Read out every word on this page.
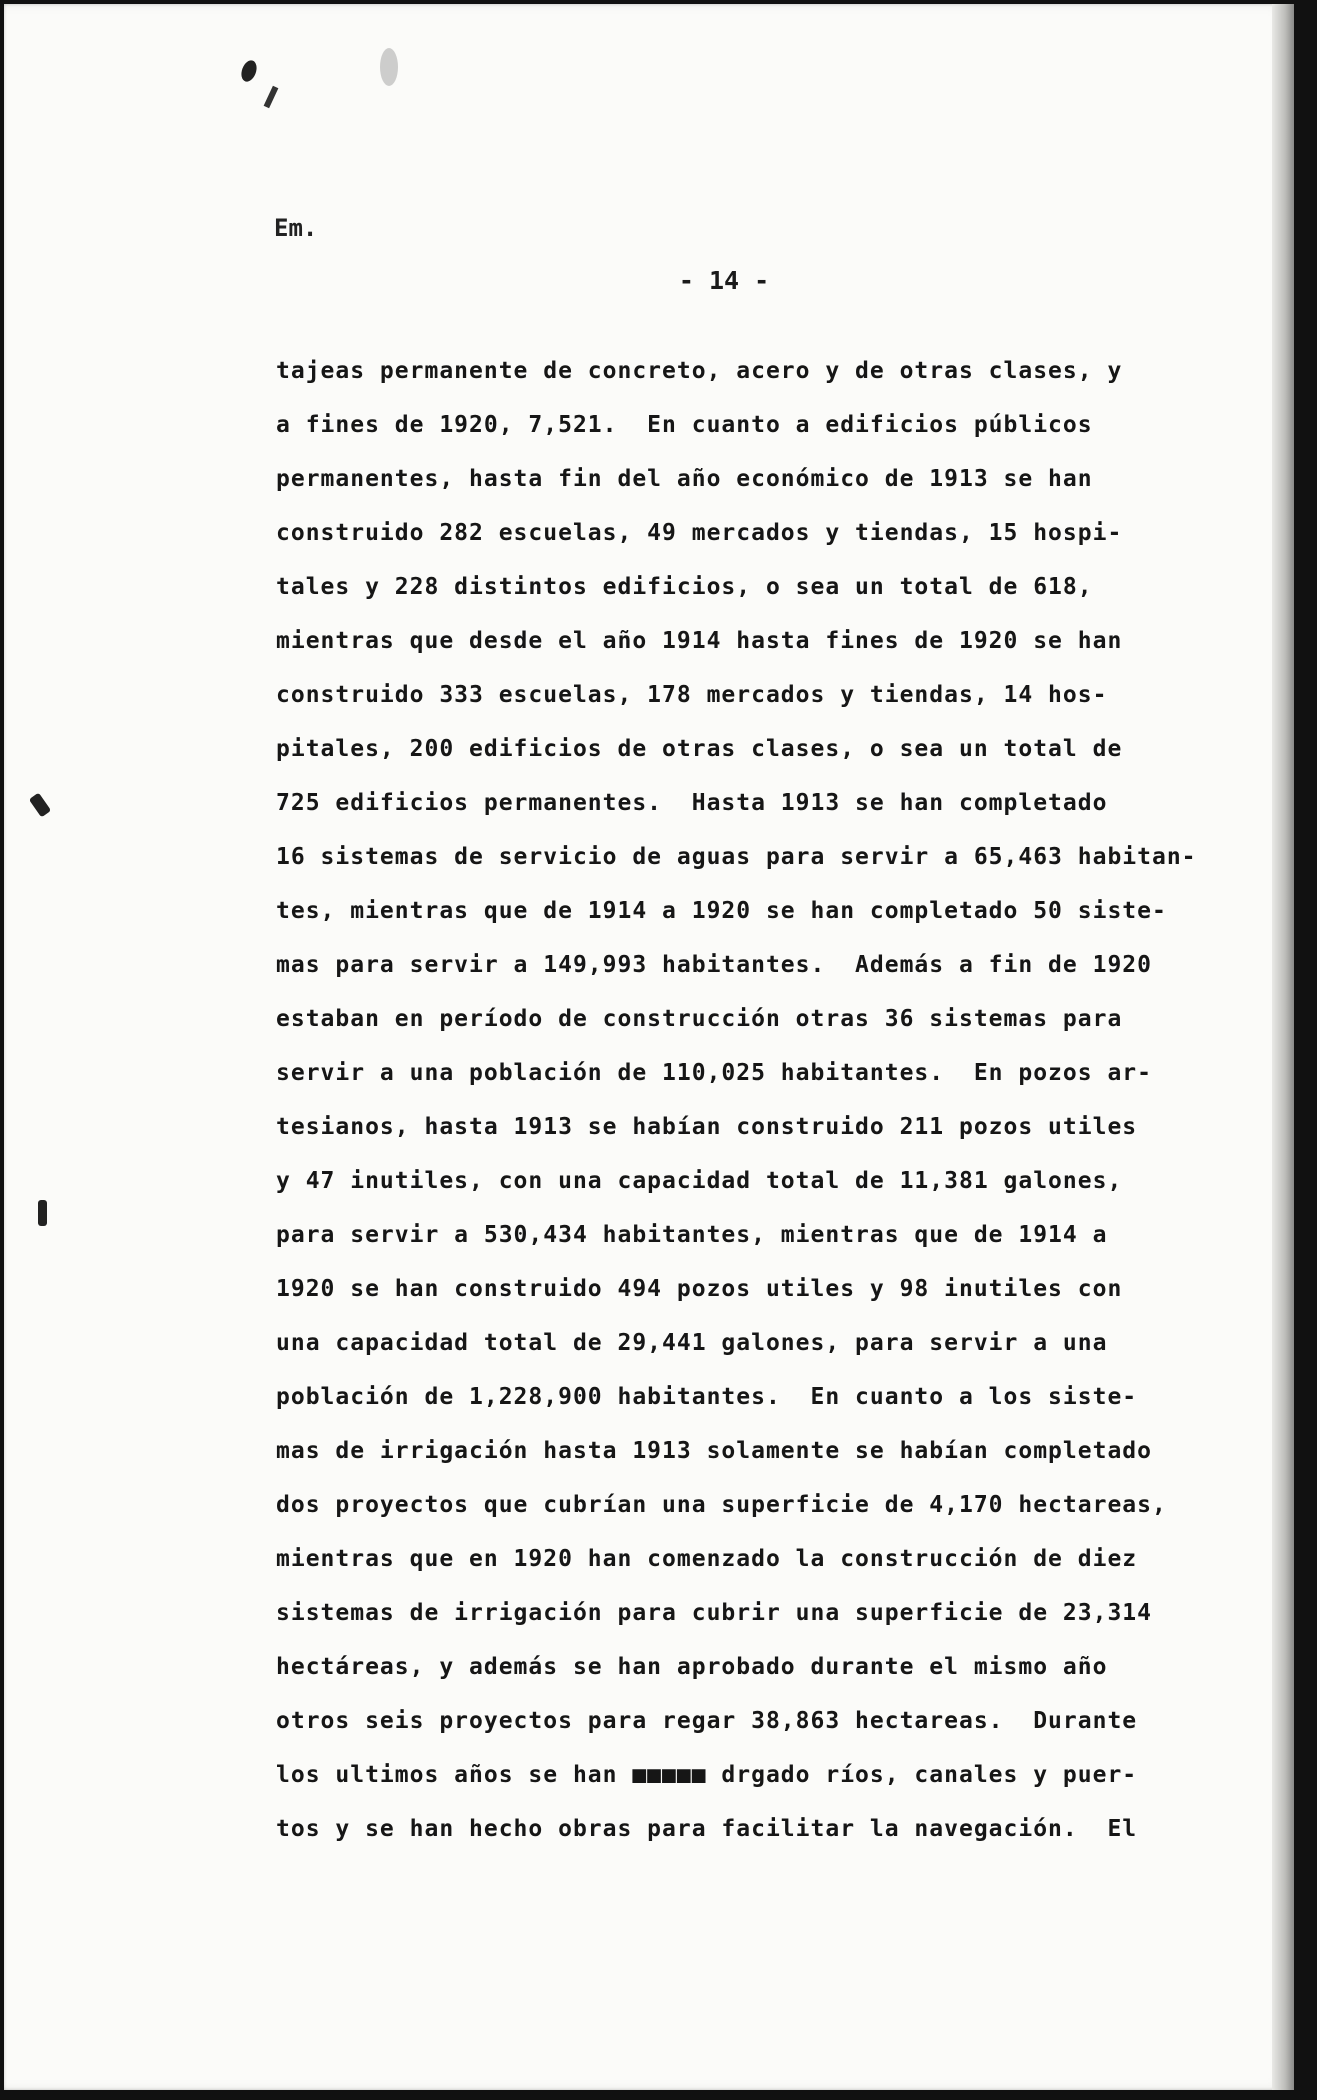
Em.
- 14 -
tajeas permanente de concreto, acero y de otras clases, y
a fines de 1920, 7,521.  En cuanto a edificios públicos
permanentes, hasta fin del año económico de 1913 se han
construido 282 escuelas, 49 mercados y tiendas, 15 hospi-
tales y 228 distintos edificios, o sea un total de 618,
mientras que desde el año 1914 hasta fines de 1920 se han
construido 333 escuelas, 178 mercados y tiendas, 14 hos-
pitales, 200 edificios de otras clases, o sea un total de
725 edificios permanentes.  Hasta 1913 se han completado
16 sistemas de servicio de aguas para servir a 65,463 habitan-
tes, mientras que de 1914 a 1920 se han completado 50 siste-
mas para servir a 149,993 habitantes.  Además a fin de 1920
estaban en período de construcción otras 36 sistemas para
servir a una población de 110,025 habitantes.  En pozos ar-
tesianos, hasta 1913 se habían construido 211 pozos utiles
y 47 inutiles, con una capacidad total de 11,381 galones,
para servir a 530,434 habitantes, mientras que de 1914 a
1920 se han construido 494 pozos utiles y 98 inutiles con
una capacidad total de 29,441 galones, para servir a una
población de 1,228,900 habitantes.  En cuanto a los siste-
mas de irrigación hasta 1913 solamente se habían completado
dos proyectos que cubrían una superficie de 4,170 hectareas,
mientras que en 1920 han comenzado la construcción de diez
sistemas de irrigación para cubrir una superficie de 23,314
hectáreas, y además se han aprobado durante el mismo año
otros seis proyectos para regar 38,863 hectareas.  Durante
los ultimos años se han ■■■■■ drgado ríos, canales y puer-
tos y se han hecho obras para facilitar la navegación.  El
